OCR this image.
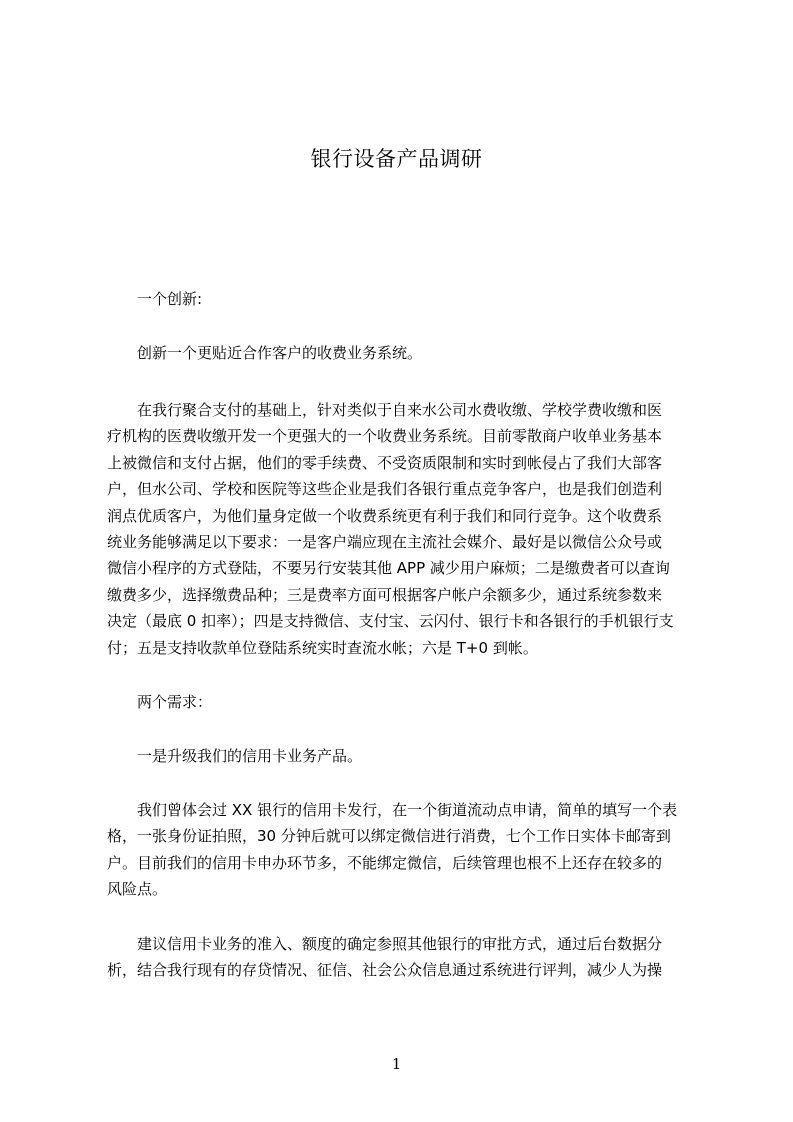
银行设备产品调研
一个创新:
创新一个更贴近合作客户的收费业务系统。
在我行聚合支付的基础上，针对类似于自来水公司水费收缴、学校学费收缴和医
疗机构的医费收缴开发一个更强大的一个收费业务系统。目前零散商户收单业务基本
上被微信和支付占据，他们的零手续费、不受资质限制和实时到帐侵占了我们大部客
户，但水公司、学校和医院等这些企业是我们各银行重点竞争客户，也是我们创造利
润点优质客户，为他们量身定做一个收费系统更有利于我们和同行竞争。这个收费系
统业务能够满足以下要求：一是客户端应现在主流社会媒介、最好是以微信公众号或
微信小程序的方式登陆，不要另行安装其他 APP 减少用户麻烦；二是缴费者可以查询
缴费多少，选择缴费品种；三是费率方面可根据客户帐户余额多少，通过系统参数来
决定（最底 0 扣率）；四是支持微信、支付宝、云闪付、银行卡和各银行的手机银行支
付；五是支持收款单位登陆系统实时查流水帐；六是 T+0 到帐。
两个需求：
一是升级我们的信用卡业务产品。
我们曾体会过 XX 银行的信用卡发行，在一个街道流动点申请，简单的填写一个表
格，一张身份证拍照，30 分钟后就可以绑定微信进行消费，七个工作日实体卡邮寄到
户。目前我们的信用卡申办环节多，不能绑定微信，后续管理也根不上还存在较多的
风险点。
建议信用卡业务的准入、额度的确定参照其他银行的审批方式，通过后台数据分
析，结合我行现有的存贷情况、征信、社会公众信息通过系统进行评判，减少人为操
1
